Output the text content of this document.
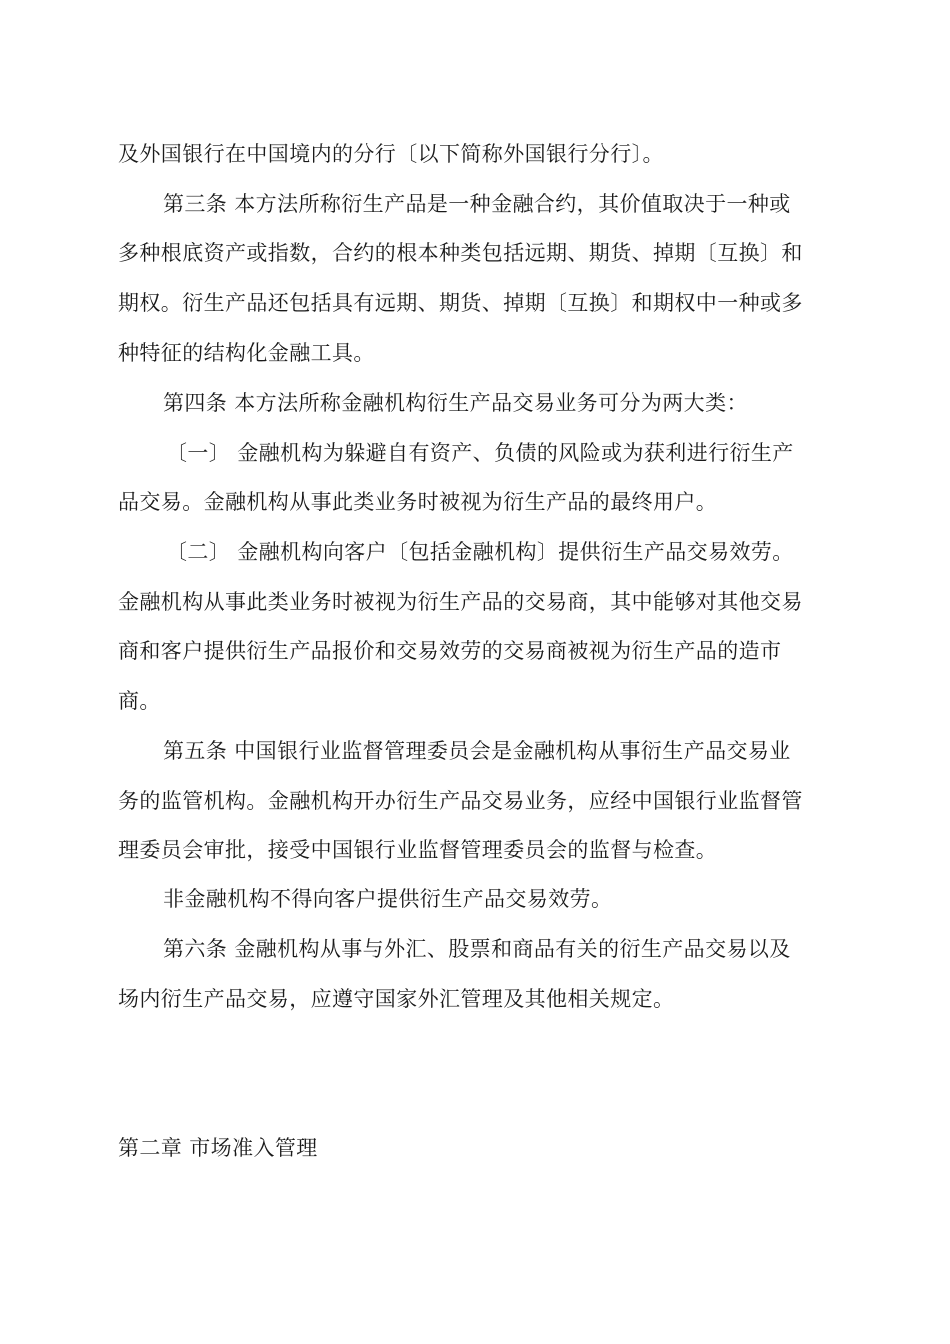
及外国银行在中国境内的分行〔以下简称外国银行分行〕。
第三条 本方法所称衍生产品是一种金融合约，其价值取决于一种或
多种根底资产或指数，合约的根本种类包括远期、期货、掉期〔互换〕和
期权。衍生产品还包括具有远期、期货、掉期〔互换〕和期权中一种或多
种特征的结构化金融工具。
第四条 本方法所称金融机构衍生产品交易业务可分为两大类：
〔一〕 金融机构为躲避自有资产、负债的风险或为获利进行衍生产
品交易。金融机构从事此类业务时被视为衍生产品的最终用户。
〔二〕 金融机构向客户〔包括金融机构〕提供衍生产品交易效劳。
金融机构从事此类业务时被视为衍生产品的交易商，其中能够对其他交易
商和客户提供衍生产品报价和交易效劳的交易商被视为衍生产品的造市
商。
第五条 中国银行业监督管理委员会是金融机构从事衍生产品交易业
务的监管机构。金融机构开办衍生产品交易业务，应经中国银行业监督管
理委员会审批，接受中国银行业监督管理委员会的监督与检查。
非金融机构不得向客户提供衍生产品交易效劳。
第六条 金融机构从事与外汇、股票和商品有关的衍生产品交易以及
场内衍生产品交易，应遵守国家外汇管理及其他相关规定。
第二章 市场准入管理
